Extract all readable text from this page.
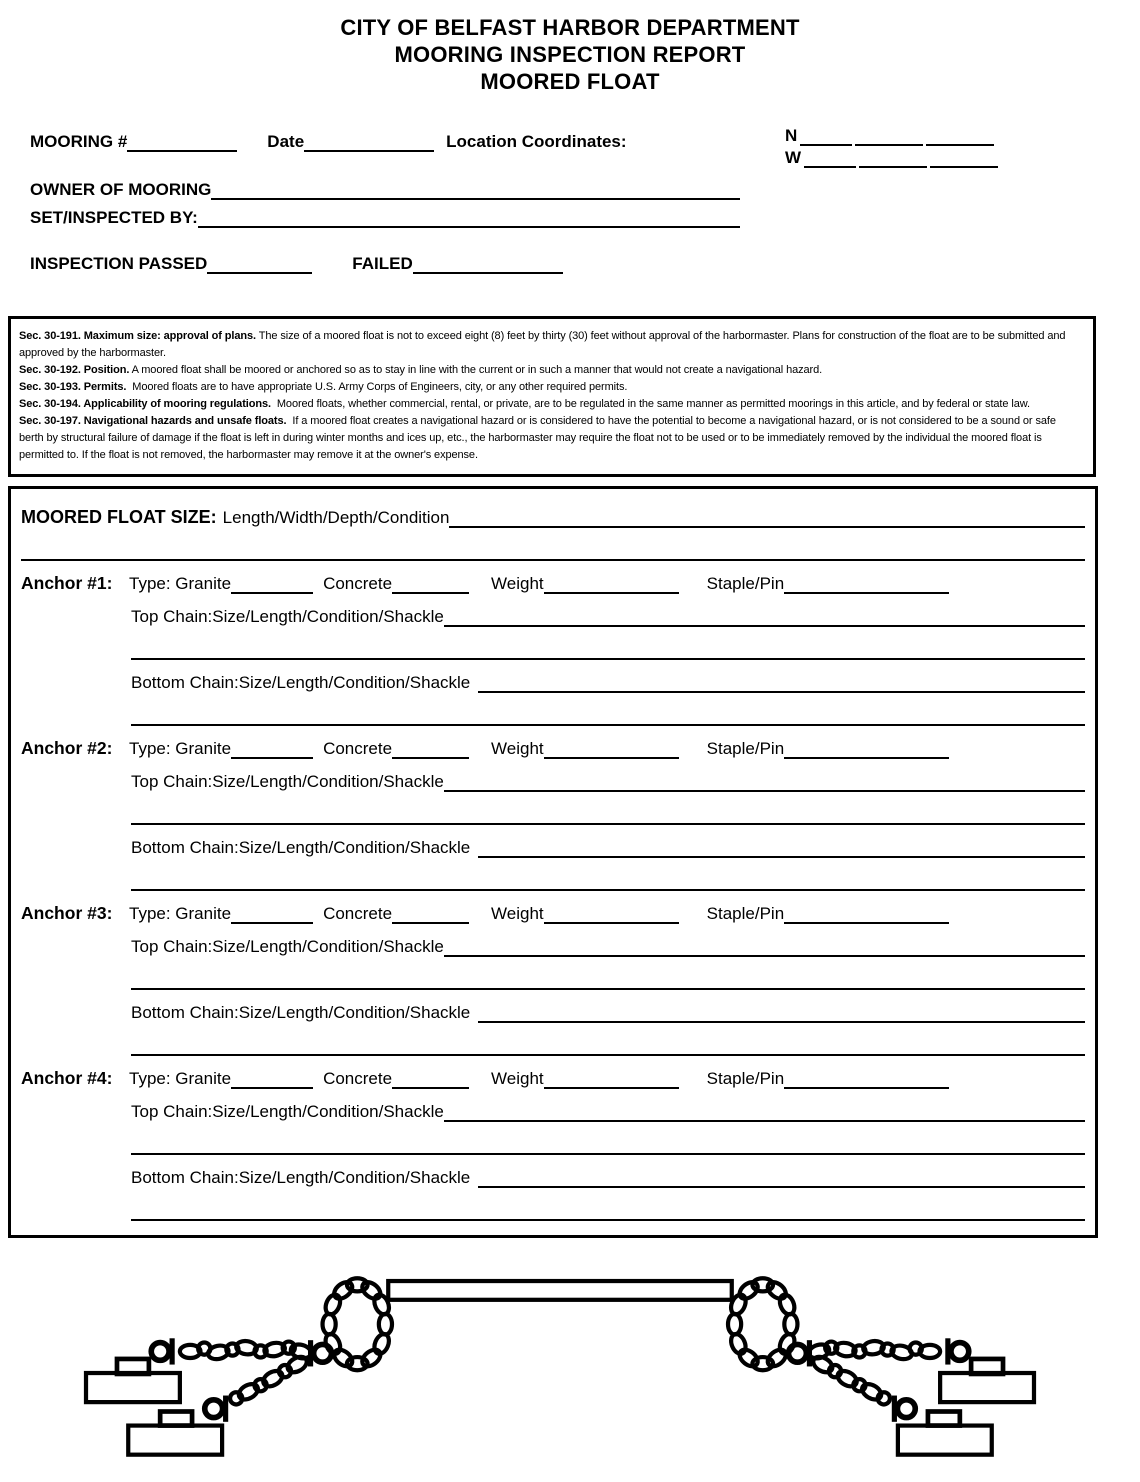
CITY OF BELFAST HARBOR DEPARTMENT
MOORING INSPECTION REPORT
MOORED FLOAT
MOORING #	Date	Location Coordinates:	N
W
OWNER OF MOORING
SET/INSPECTED BY:
INSPECTION PASSED	FAILED

Sec. 30-191. Maximum size: approval of plans. The size of a moored float is not to exceed eight (8) feet by thirty (30) feet without approval of the harbormaster. Plans for construction of the float are to be submitted and approved by the harbormaster.

Sec. 30-192. Position. A moored float shall be moored or anchored so as to stay in line with the current or in such a manner that would not create a navigational hazard.

Sec. 30-193. Permits. Moored floats are to have appropriate U.S. Army Corps of Engineers, city, or any other required permits.

Sec. 30-194. Applicability of mooring regulations. Moored floats, whether commercial, rental, or private, are to be regulated in the same manner as permitted moorings in this article, and by federal or state law.

Sec. 30-197. Navigational hazards and unsafe floats. If a moored float creates a navigational hazard or is considered to have the potential to become a navigational hazard, or is not considered to be a sound or safe berth by structural failure of damage if the float is left in during winter months and ices up, etc., the harbormaster may require the float not to be used or to be immediately removed by the individual the moored float is permitted to. If the float is not removed, the harbormaster may remove it at the owner's expense.

MOORED FLOAT SIZE: Length/Width/Depth/Condition
Anchor #1: Type: Granite	Concrete	Weight	Staple/Pin
Top Chain:Size/Length/Condition/Shackle
Bottom Chain:Size/Length/Condition/Shackle
Anchor #2: Type: Granite	Concrete	Weight	Staple/Pin
Top Chain:Size/Length/Condition/Shackle
Bottom Chain:Size/Length/Condition/Shackle
Anchor #3: Type: Granite	Concrete	Weight	Staple/Pin
Top Chain:Size/Length/Condition/Shackle
Bottom Chain:Size/Length/Condition/Shackle
Anchor #4: Type: Granite	Concrete	Weight	Staple/Pin
Top Chain:Size/Length/Condition/Shackle
Bottom Chain:Size/Length/Condition/Shackle
